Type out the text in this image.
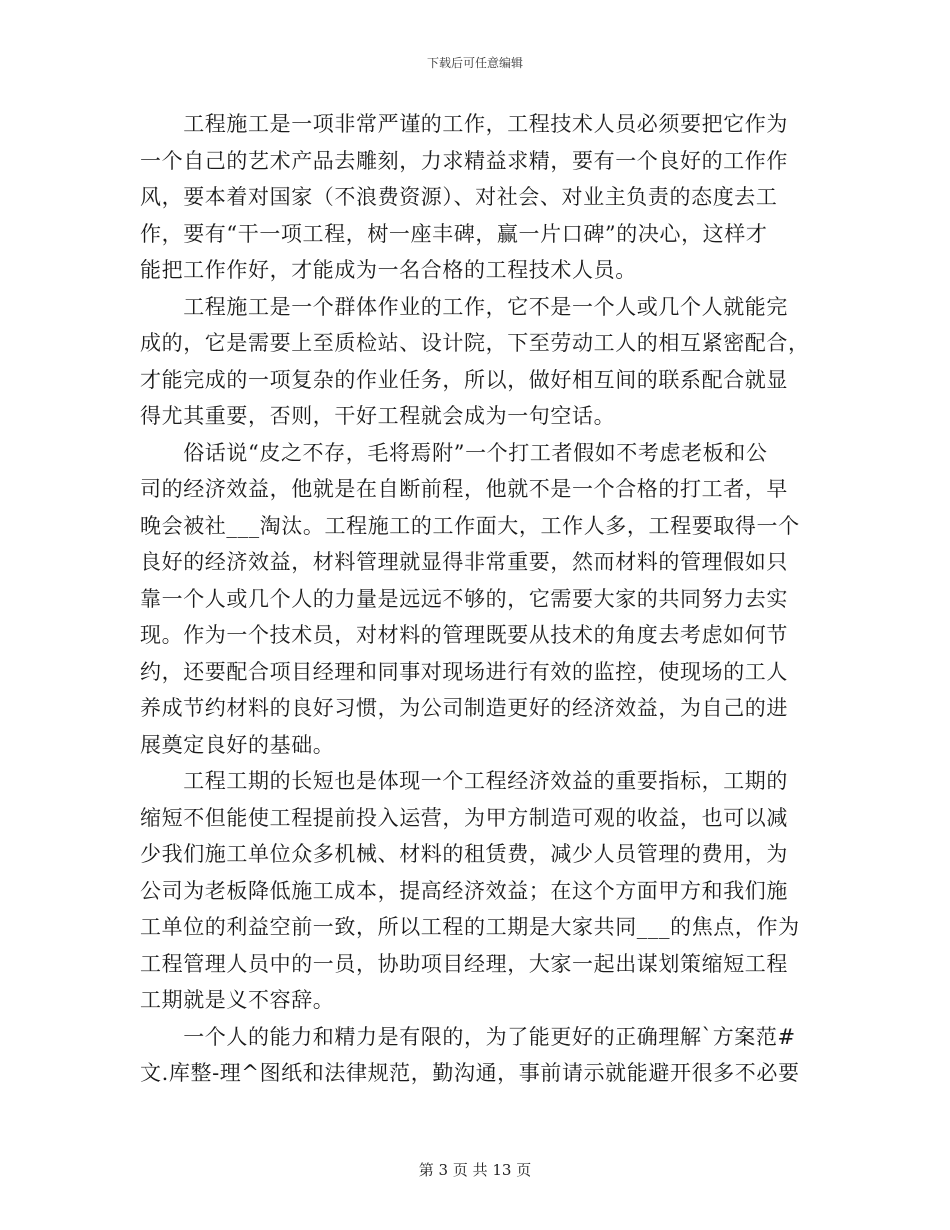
下载后可任意编辑
　　工程施工是一项非常严谨的工作，工程技术人员必须要把它作为
一个自己的艺术产品去雕刻，力求精益求精，要有一个良好的工作作
风，要本着对国家（不浪费资源）、对社会、对业主负责的态度去工
作，要有“干一项工程，树一座丰碑，赢一片口碑”的决心，这样才
能把工作作好，才能成为一名合格的工程技术人员。
　　工程施工是一个群体作业的工作，它不是一个人或几个人就能完
成的，它是需要上至质检站、设计院，下至劳动工人的相互紧密配合，
才能完成的一项复杂的作业任务，所以，做好相互间的联系配合就显
得尤其重要，否则，干好工程就会成为一句空话。
　　俗话说“皮之不存，毛将焉附”一个打工者假如不考虑老板和公
司的经济效益，他就是在自断前程，他就不是一个合格的打工者，早
晚会被社___淘汰。工程施工的工作面大，工作人多，工程要取得一个
良好的经济效益，材料管理就显得非常重要，然而材料的管理假如只
靠一个人或几个人的力量是远远不够的，它需要大家的共同努力去实
现。作为一个技术员，对材料的管理既要从技术的角度去考虑如何节
约，还要配合项目经理和同事对现场进行有效的监控，使现场的工人
养成节约材料的良好习惯，为公司制造更好的经济效益，为自己的进
展奠定良好的基础。
　　工程工期的长短也是体现一个工程经济效益的重要指标，工期的
缩短不但能使工程提前投入运营，为甲方制造可观的收益，也可以减
少我们施工单位众多机械、材料的租赁费，减少人员管理的费用，为
公司为老板降低施工成本，提高经济效益；在这个方面甲方和我们施
工单位的利益空前一致，所以工程的工期是大家共同___的焦点，作为
工程管理人员中的一员，协助项目经理，大家一起出谋划策缩短工程
工期就是义不容辞。
　　一个人的能力和精力是有限的，为了能更好的正确理解`方案范#
文.库整-理^图纸和法律规范，勤沟通，事前请示就能避开很多不必要
第 3 页 共 13 页
